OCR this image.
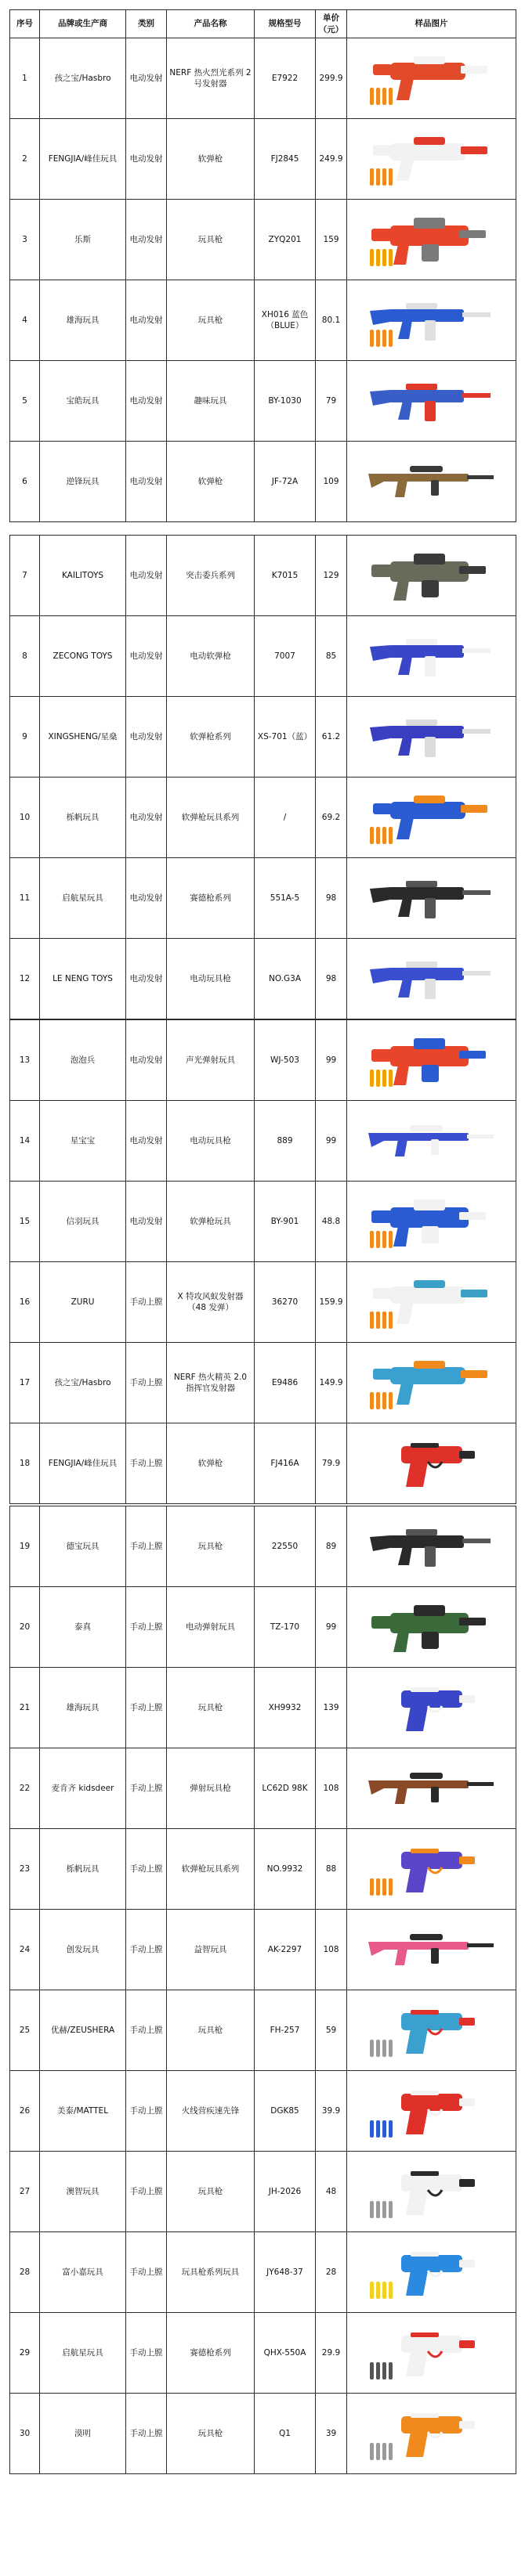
序号	品牌或生产商	类别	产品名称	规格型号	单价（元）	样品图片
1	孩之宝/Hasbro	电动发射	NERF 热火烈光系列 2 号发射器	E7922	299.9	

2	FENGJIA/峰佳玩具	电动发射	软弹枪	FJ2845	249.9	

3	乐斯	电动发射	玩具枪	ZYQ201	159	

4	雄海玩具	电动发射	玩具枪	XH016 蓝色（BLUE）	80.1	

5	宝皓玩具	电动发射	趣味玩具	BY-1030	79	

6	逆锋玩具	电动发射	软弹枪	JF-72A	109	
7	KAILITOYS	电动发射	突击委兵系列	K7015	129	

8	ZECONG TOYS	电动发射	电动软弹枪	7007	85	

9	XINGSHENG/星燊	电动发射	软弹枪系列	XS-701（蓝）	61.2	

10	栎帆玩具	电动发射	软弹枪玩具系列	/	69.2	

11	启航星玩具	电动发射	赛德枪系列	551A-5	98	

12	LE NENG TOYS	电动发射	电动玩具枪	NO.G3A	98	
13	泡泡兵	电动发射	声光弹射玩具	WJ-503	99	

14	星宝宝	电动发射	电动玩具枪	889	99	

15	信羽玩具	电动发射	软弹枪玩具	BY-901	48.8	

16	ZURU	手动上膛	X 特攻风蚁发射器（48 发弹）	36270	159.9	

17	孩之宝/Hasbro	手动上膛	NERF 热火精英 2.0 指挥官发射器	E9486	149.9	

18	FENGJIA/峰佳玩具	手动上膛	软弹枪	FJ416A	79.9	
19	德宝玩具	手动上膛	玩具枪	22550	89	

20	泰真	手动上膛	电动弹射玩具	TZ-170	99	

21	雄海玩具	手动上膛	玩具枪	XH9932	139	

22	麦肯齐 kidsdeer	手动上膛	弹射玩具枪	LC62D 98K	108	

23	栎帆玩具	手动上膛	软弹枪玩具系列	NO.9932	88	

24	创发玩具	手动上膛	益智玩具	AK-2297	108	
25	优赫/ZEUSHERA	手动上膛	玩具枪	FH-257	59	

26	美泰/MATTEL	手动上膛	火线营疾速先锋	DGK85	39.9	

27	澳智玩具	手动上膛	玩具枪	JH-2026	48	

28	富小嘉玩具	手动上膛	玩具枪系列玩具	JY648-37	28	

29	启航星玩具	手动上膛	赛德枪系列	QHX-550A	29.9	

30	漠明	手动上膛	玩具枪	Q1	39	
